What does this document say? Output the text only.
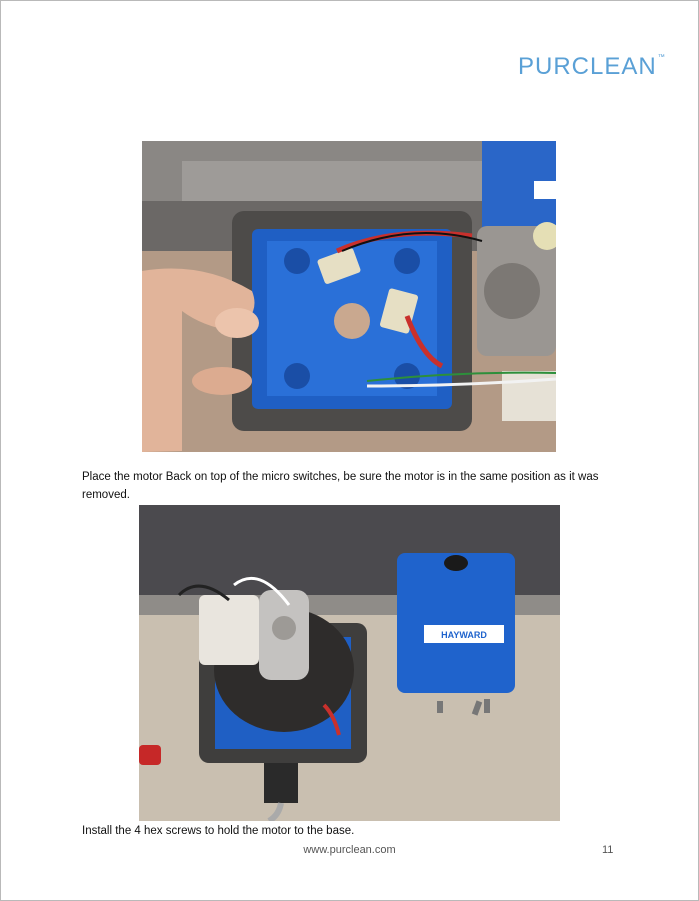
PURCLEAN ™
Place the motor Back on top of the micro switches, be sure the motor is in the same position as it was removed.
HAYWARD
Install the 4 hex screws to hold the motor to the base.
www.purclean.com	11
